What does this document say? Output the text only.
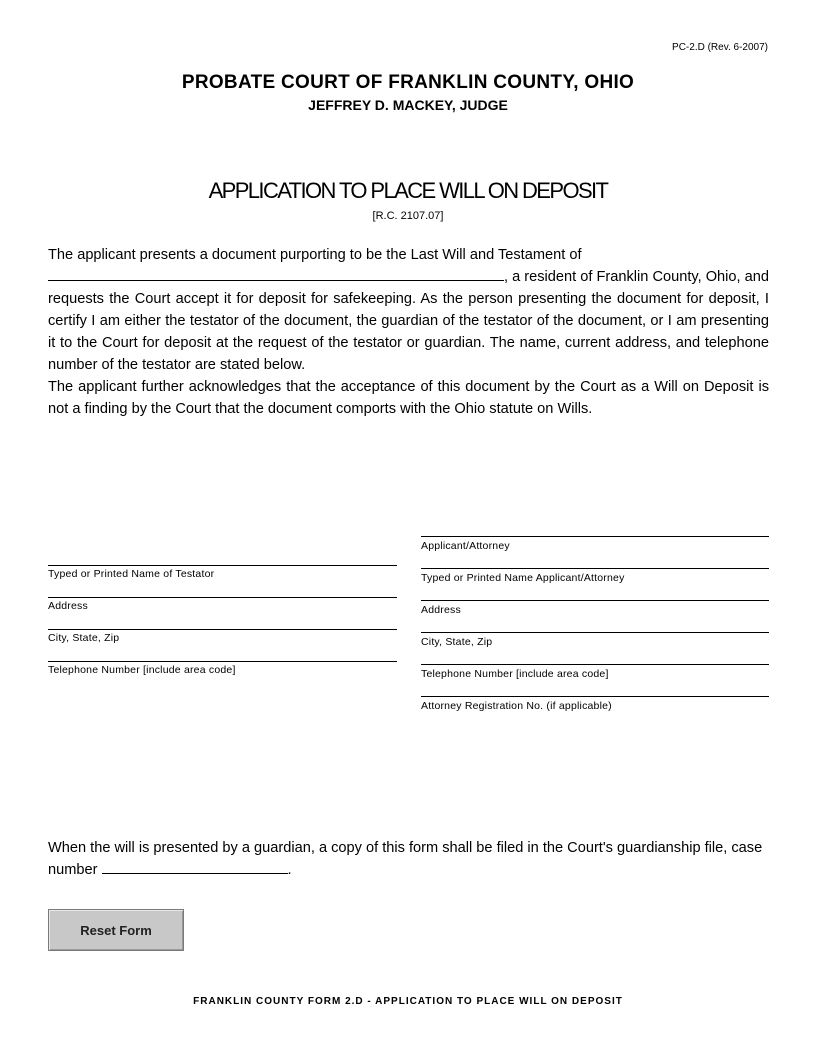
PC-2.D (Rev. 6-2007)
PROBATE COURT OF FRANKLIN COUNTY, OHIO
JEFFREY D. MACKEY, JUDGE
APPLICATION TO PLACE WILL ON DEPOSIT
[R.C. 2107.07]

The applicant presents a document purporting to be the Last Will and Testament of
, a resident of Franklin County, Ohio, and requests the Court accept it for deposit for safekeeping. As the person presenting the document for deposit, I certify I am either the testator of the document, the guardian of the testator of the document, or I am presenting it to the Court for deposit at the request of the testator or guardian. The name, current address, and telephone number of the testator are stated below.

The applicant further acknowledges that the acceptance of this document by the Court as a Will on Deposit is not a finding by the Court that the document comports with the Ohio statute on Wills.

Typed or Printed Name of Testator
Address
City, State, Zip
Telephone Number [include area code]
Applicant/Attorney
Typed or Printed Name Applicant/Attorney
Address
City, State, Zip
Telephone Number [include area code]
Attorney Registration No. (if applicable)
When the will is presented by a guardian, a copy of this form shall be filed in the Court's guardianship file, case number	.
Reset Form
FRANKLIN COUNTY FORM 2.D - APPLICATION TO PLACE WILL ON DEPOSIT
